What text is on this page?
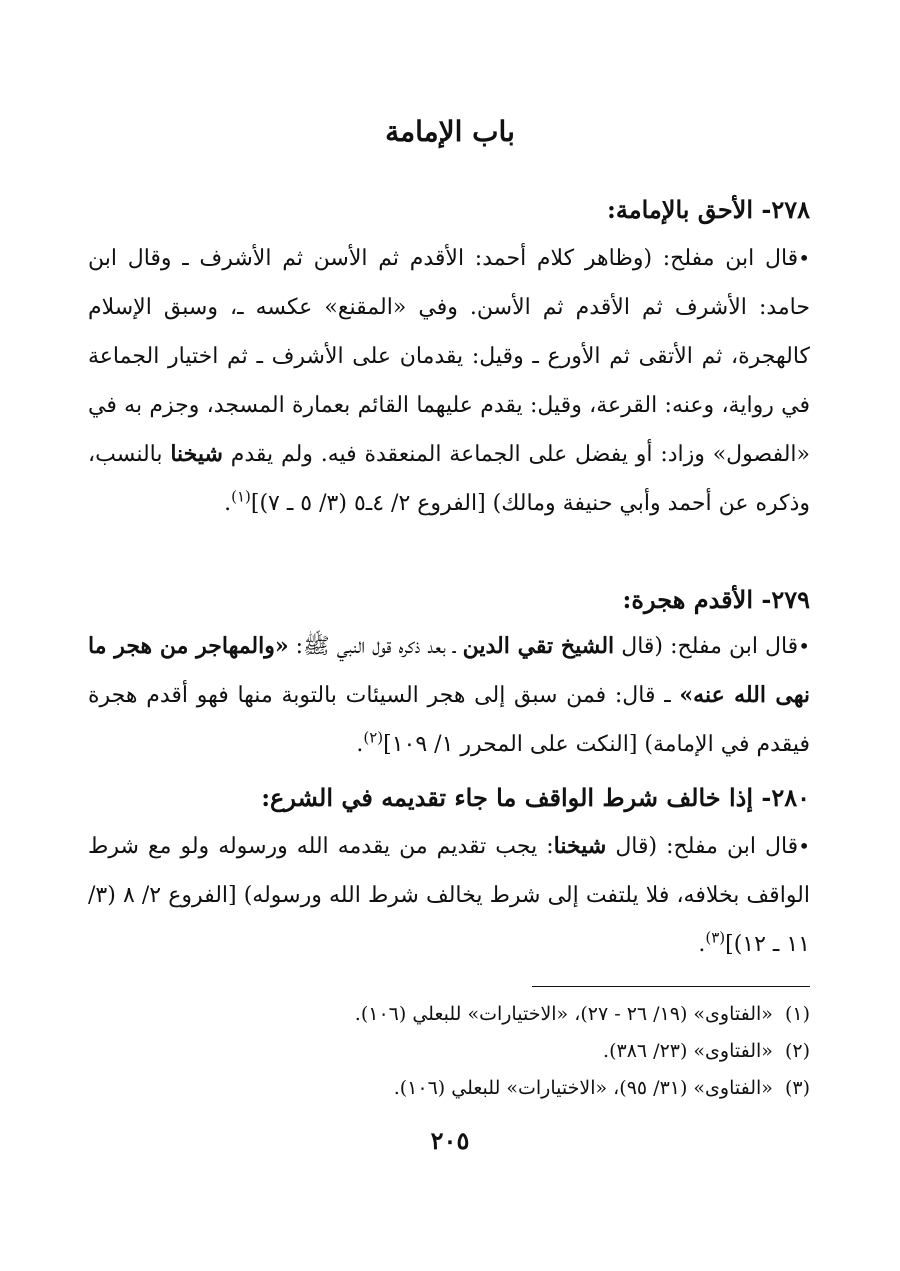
باب الإمامة
٢٧٨- الأحق بالإمامة:
•قال ابن مفلح: (وظاهر كلام أحمد: الأقدم ثم الأسن ثم الأشرف ـ وقال ابن حامد: الأشرف ثم الأقدم ثم الأسن. وفي «المقنع» عكسه ـ، وسبق الإسلام كالهجرة، ثم الأتقى ثم الأورع ـ وقيل: يقدمان على الأشرف ـ ثم اختيار الجماعة في رواية، وعنه: القرعة، وقيل: يقدم عليهما القائم بعمارة المسجد، وجزم به في «الفصول» وزاد: أو يفضل على الجماعة المنعقدة فيه. ولم يقدم شيخنا بالنسب، وذكره عن أحمد وأبي حنيفة ومالك) [الفروع ٢/ ٤ـ٥ (٣/ ٥ ـ ٧)]$^{(١)}$.
٢٧٩- الأقدم هجرة:
•قال ابن مفلح: (قال الشيخ تقي الدين ـ بعد ذكره قول النبي ﷺ: «والمهاجر من هجر ما نهى الله عنه» ـ قال: فمن سبق إلى هجر السيئات بالتوبة منها فهو أقدم هجرة فيقدم في الإمامة) [النكت على المحرر ١/ ١٠٩]$^{(٢)}$.
٢٨٠- إذا خالف شرط الواقف ما جاء تقديمه في الشرع:
•قال ابن مفلح: (قال شيخنا: يجب تقديم من يقدمه الله ورسوله ولو مع شرط الواقف بخلافه، فلا يلتفت إلى شرط يخالف شرط الله ورسوله) [الفروع ٢/ ٨ (٣/ ١١ ـ ١٢)]$^{(٣)}$.
(١)«الفتاوى» (١٩/ ٢٦ - ٢٧)، «الاختيارات» للبعلي (١٠٦).
(٢)«الفتاوى» (٢٣/ ٣٨٦).
(٣)«الفتاوى» (٣١/ ٩٥)، «الاختيارات» للبعلي (١٠٦).
٢٠٥
